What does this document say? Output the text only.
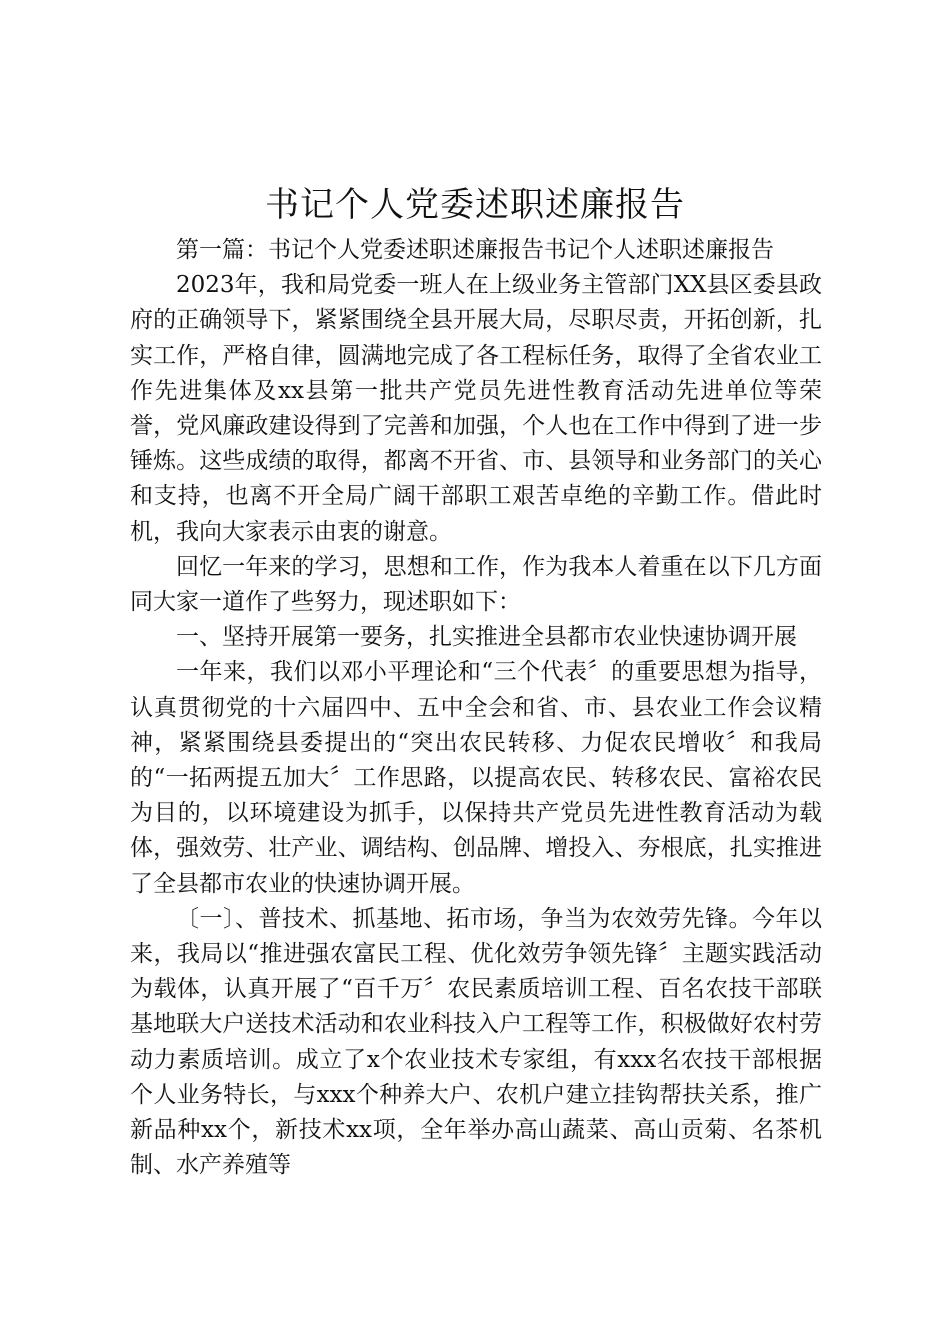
书记个人党委述职述廉报告

第一篇：书记个人党委述职述廉报告书记个人述职述廉报告

2023年，我和局党委一班人在上级业务主管部门XX县区委县政府的正确领导下，紧紧围绕全县开展大局，尽职尽责，开拓创新，扎实工作，严格自律，圆满地完成了各工程标任务，取得了全省农业工作先进集体及xx县第一批共产党员先进性教育活动先进单位等荣誉，党风廉政建设得到了完善和加强，个人也在工作中得到了进一步锤炼。这些成绩的取得，都离不开省、市、县领导和业务部门的关心和支持，也离不开全局广阔干部职工艰苦卓绝的辛勤工作。借此时机，我向大家表示由衷的谢意。

回忆一年来的学习，思想和工作，作为我本人着重在以下几方面同大家一道作了些努力，现述职如下：

一、坚持开展第一要务，扎实推进全县都市农业快速协调开展

一年来，我们以邓小平理论和“三个代表〞的重要思想为指导，认真贯彻党的十六届四中、五中全会和省、市、县农业工作会议精神，紧紧围绕县委提出的“突出农民转移、力促农民增收〞和我局的“一拓两提五加大〞工作思路，以提高农民、转移农民、富裕农民为目的，以环境建设为抓手，以保持共产党员先进性教育活动为载体，强效劳、壮产业、调结构、创品牌、增投入、夯根底，扎实推进了全县都市农业的快速协调开展。

〔一〕、普技术、抓基地、拓市场，争当为农效劳先锋。今年以来，我局以“推进强农富民工程、优化效劳争领先锋〞主题实践活动为载体，认真开展了“百千万〞农民素质培训工程、百名农技干部联基地联大户送技术活动和农业科技入户工程等工作，积极做好农村劳动力素质培训。成立了x个农业技术专家组，有xxx名农技干部根据个人业务特长，与xxx个种养大户、农机户建立挂钩帮扶关系，推广新品种xx个，新技术xx项，全年举办高山蔬菜、高山贡菊、名茶机制、水产养殖等
